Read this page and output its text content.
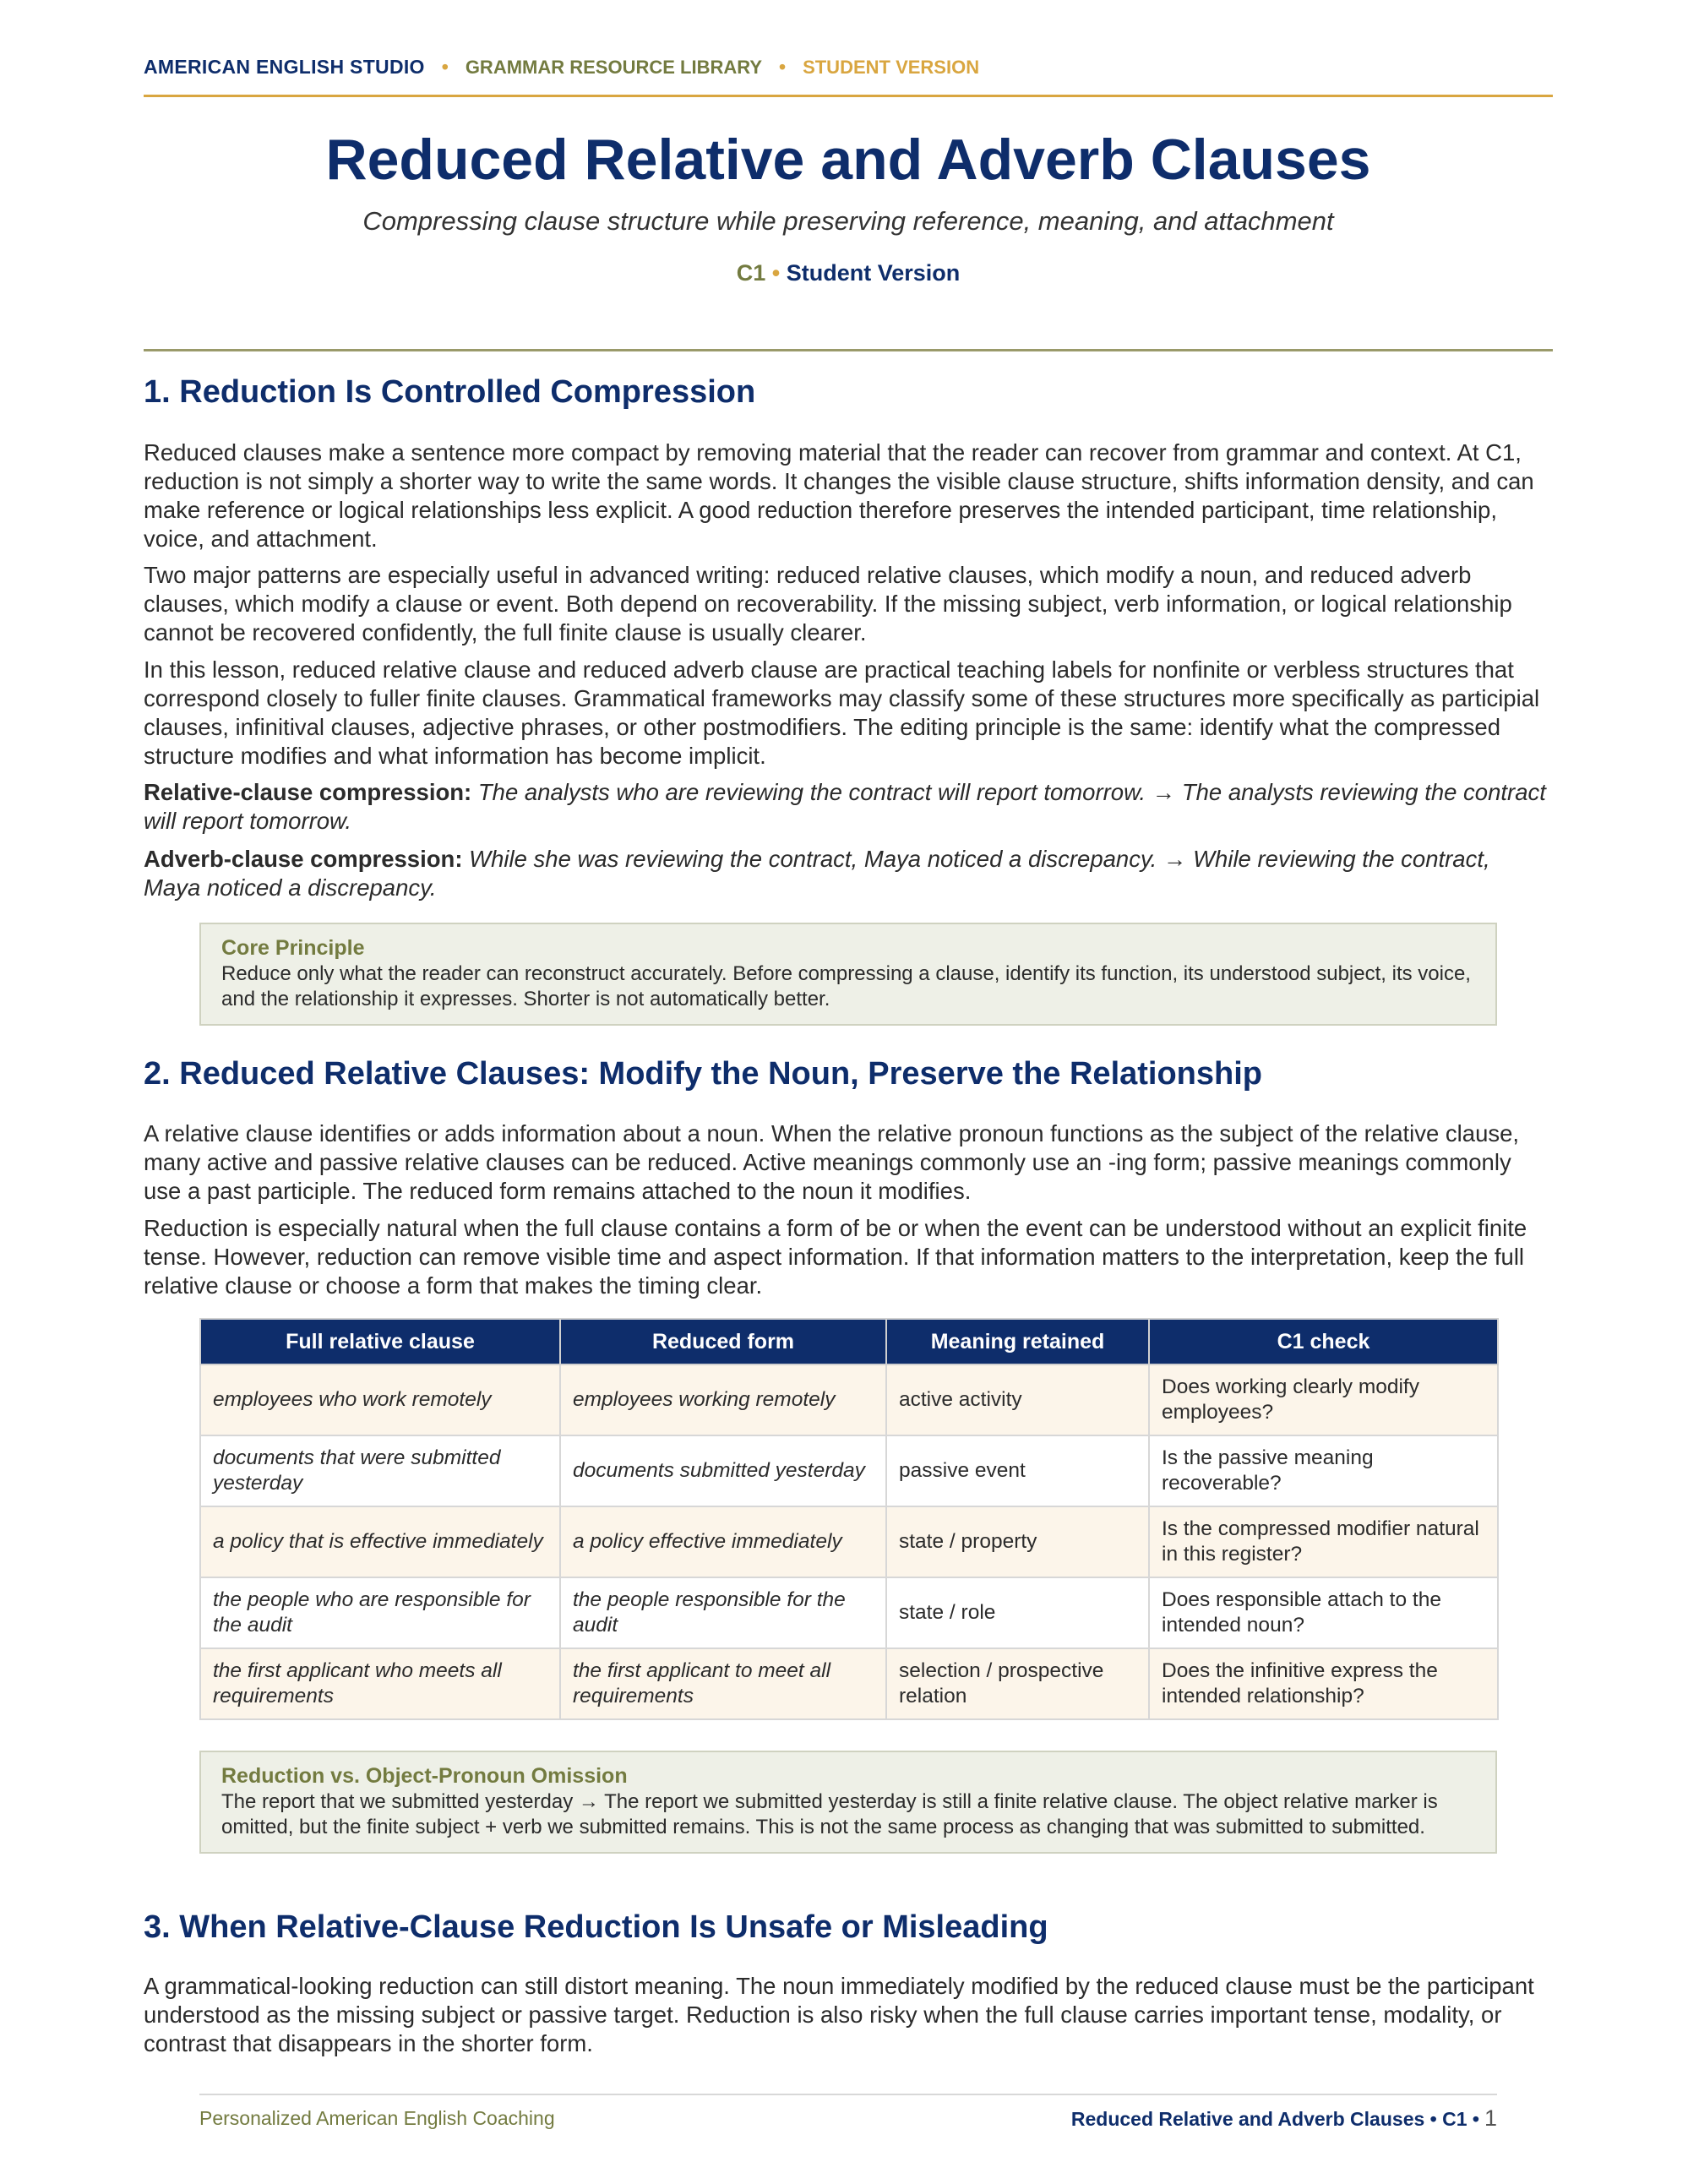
AMERICAN ENGLISH STUDIO • GRAMMAR RESOURCE LIBRARY • STUDENT VERSION
Reduced Relative and Adverb Clauses
Compressing clause structure while preserving reference, meaning, and attachment
C1 • Student Version
1. Reduction Is Controlled Compression

Reduced clauses make a sentence more compact by removing material that the reader can recover from grammar and context. At C1, reduction is not simply a shorter way to write the same words. It changes the visible clause structure, shifts information density, and can make reference or logical relationships less explicit. A good reduction therefore preserves the intended participant, time relationship, voice, and attachment.

Two major patterns are especially useful in advanced writing: reduced relative clauses, which modify a noun, and reduced adverb clauses, which modify a clause or event. Both depend on recoverability. If the missing subject, verb information, or logical relationship cannot be recovered confidently, the full finite clause is usually clearer.

In this lesson, reduced relative clause and reduced adverb clause are practical teaching labels for nonfinite or verbless structures that correspond closely to fuller finite clauses. Grammatical frameworks may classify some of these structures more specifically as participial clauses, infinitival clauses, adjective phrases, or other postmodifiers. The editing principle is the same: identify what the compressed structure modifies and what information has become implicit.

Relative-clause compression: The analysts who are reviewing the contract will report tomorrow. → The analysts reviewing the contract will report tomorrow.

Adverb-clause compression: While she was reviewing the contract, Maya noticed a discrepancy. → While reviewing the contract, Maya noticed a discrepancy.

Core Principle
Reduce only what the reader can reconstruct accurately. Before compressing a clause, identify its function, its understood subject, its voice, and the relationship it expresses. Shorter is not automatically better.
2. Reduced Relative Clauses: Modify the Noun, Preserve the Relationship

A relative clause identifies or adds information about a noun. When the relative pronoun functions as the subject of the relative clause, many active and passive relative clauses can be reduced. Active meanings commonly use an -ing form; passive meanings commonly use a past participle. The reduced form remains attached to the noun it modifies.

Reduction is especially natural when the full clause contains a form of be or when the event can be understood without an explicit finite tense. However, reduction can remove visible time and aspect information. If that information matters to the interpretation, keep the full relative clause or choose a form that makes the timing clear.

Full relative clause	Reduced form	Meaning retained	C1 check
employees who work remotely	employees working remotely	active activity	Does working clearly modify employees?
documents that were submitted yesterday	documents submitted yesterday	passive event	Is the passive meaning recoverable?
a policy that is effective immediately	a policy effective immediately	state / property	Is the compressed modifier natural in this register?
the people who are responsible for the audit	the people responsible for the audit	state / role	Does responsible attach to the intended noun?
the first applicant who meets all requirements	the first applicant to meet all requirements	selection / prospective relation	Does the infinitive express the intended relationship?
Reduction vs. Object-Pronoun Omission
The report that we submitted yesterday → The report we submitted yesterday is still a finite relative clause. The object relative marker is omitted, but the finite subject + verb we submitted remains. This is not the same process as changing that was submitted to submitted.
3. When Relative-Clause Reduction Is Unsafe or Misleading

A grammatical-looking reduction can still distort meaning. The noun immediately modified by the reduced clause must be the participant understood as the missing subject or passive target. Reduction is also risky when the full clause carries important tense, modality, or contrast that disappears in the shorter form.

Personalized American English Coaching	Reduced Relative and Adverb Clauses • C1 • 1
